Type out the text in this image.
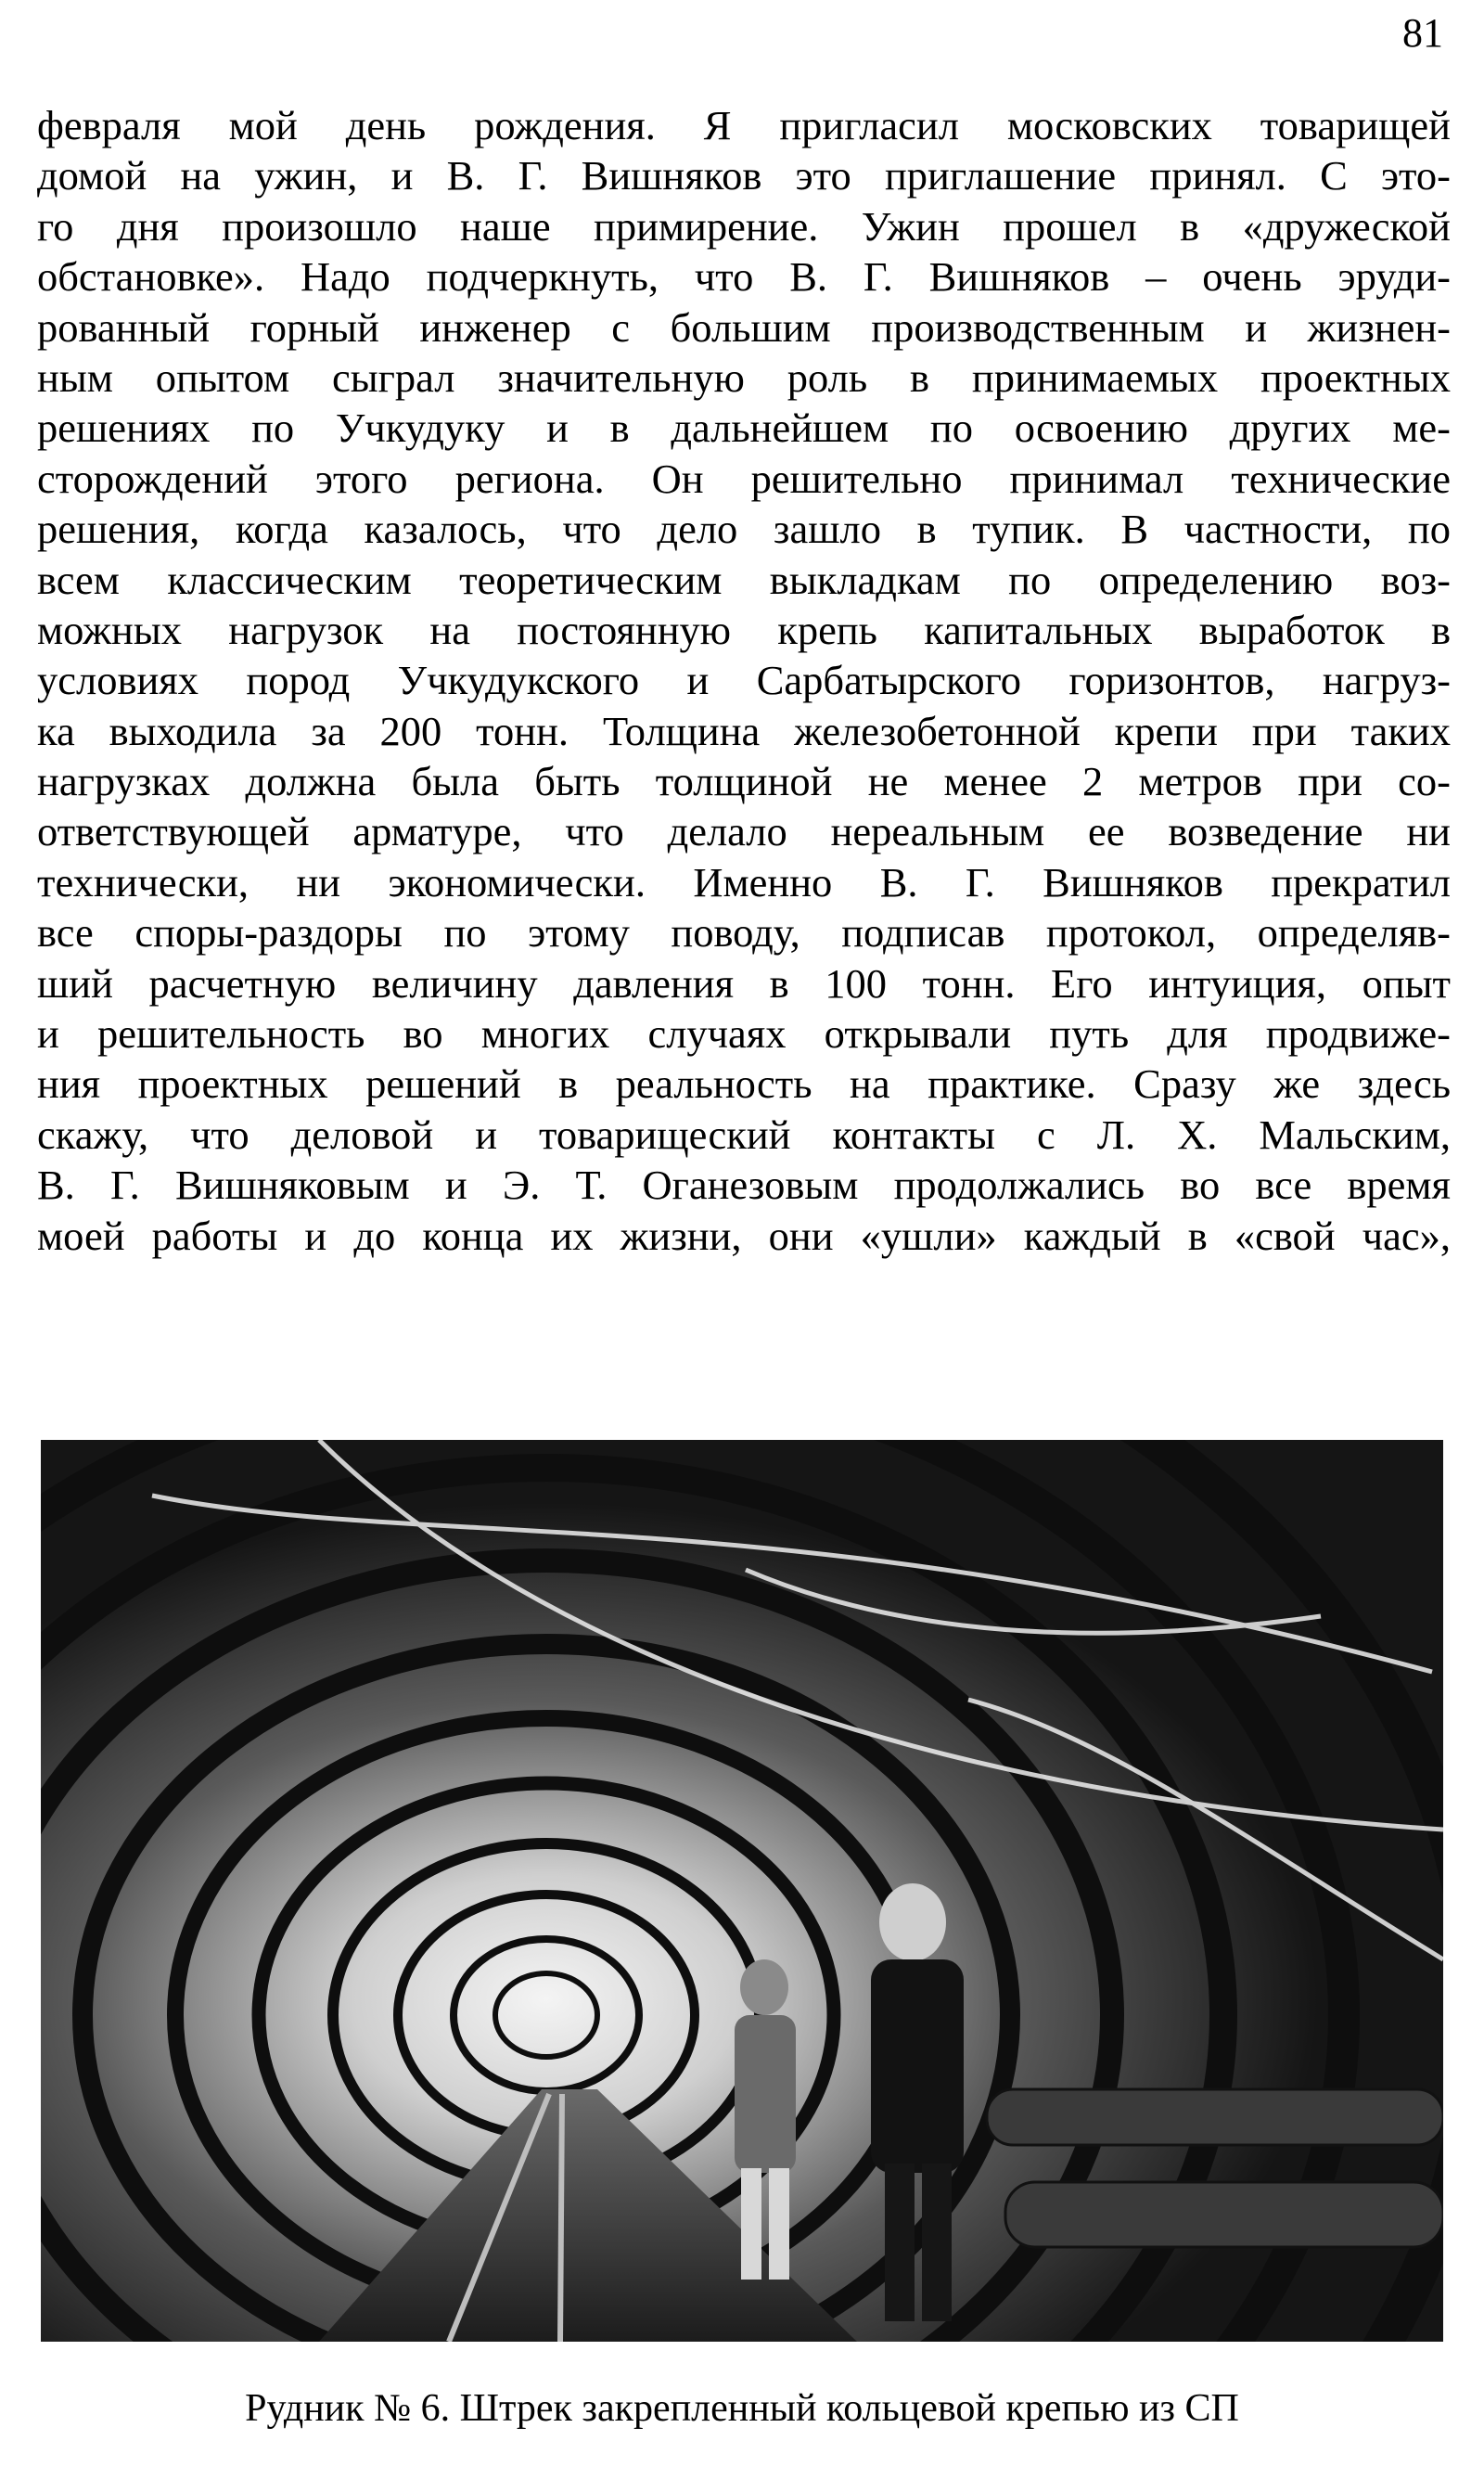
81
февраля мой день рождения. Я пригласил московских товарищей
домой на ужин, и В. Г. Вишняков это приглашение принял. С это-
го дня произошло наше примирение. Ужин прошел в «дружеской
обстановке». Надо подчеркнуть, что В. Г. Вишняков – очень эруди-
рованный горный инженер с большим производственным и жизнен-
ным опытом сыграл значительную роль в принимаемых проектных
решениях по Учкудуку и в дальнейшем по освоению других ме-
сторождений этого региона. Он решительно принимал технические
решения, когда казалось, что дело зашло в тупик. В частности, по
всем классическим теоретическим выкладкам по определению воз-
можных нагрузок на постоянную крепь капитальных выработок в
условиях пород Учкудукского и Сарбатырского горизонтов, нагруз-
ка выходила за 200 тонн. Толщина железобетонной крепи при таких
нагрузках должна была быть толщиной не менее 2 метров при со-
ответствующей арматуре, что делало нереальным ее возведение ни
технически, ни экономически. Именно В. Г. Вишняков прекратил
все споры-раздоры по этому поводу, подписав протокол, определяв-
ший расчетную величину давления в 100 тонн. Его интуиция, опыт
и решительность во многих случаях открывали путь для продвиже-
ния проектных решений в реальность на практике. Сразу же здесь
скажу, что деловой и товарищеский контакты с Л. Х. Мальским,
В. Г. Вишняковым и Э. Т. Оганезовым продолжались во все время
моей работы и до конца их жизни, они «ушли» каждый в «свой час»,
Рудник № 6. Штрек закрепленный кольцевой крепью из СП
